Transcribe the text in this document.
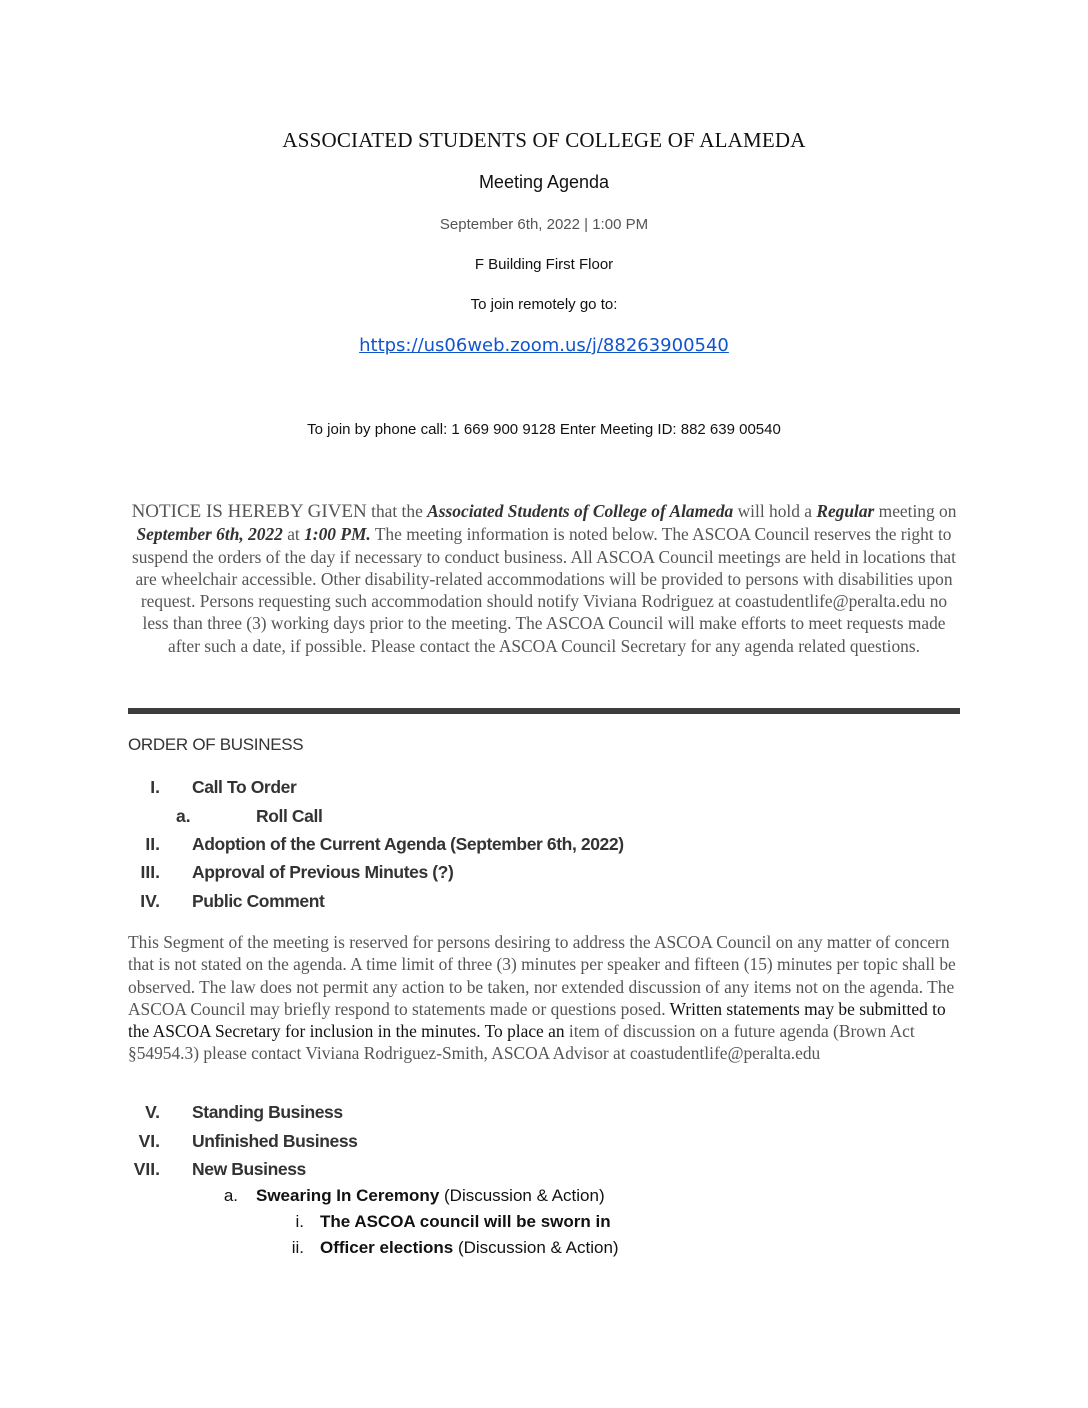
ASSOCIATED STUDENTS OF COLLEGE OF ALAMEDA
Meeting Agenda
September 6th, 2022 | 1:00 PM
F Building First Floor
To join remotely go to:
https://us06web.zoom.us/j/88263900540
To join by phone call: 1 669 900 9128 Enter Meeting ID: 882 639 00540
NOTICE IS HEREBY GIVEN that the Associated Students of College of Alameda will hold a Regular meeting on September 6th, 2022 at 1:00 PM. The meeting information is noted below. The ASCOA Council reserves the right to suspend the orders of the day if necessary to conduct business. All ASCOA Council meetings are held in locations that are wheelchair accessible. Other disability-related accommodations will be provided to persons with disabilities upon request. Persons requesting such accommodation should notify Viviana Rodriguez at coastudentlife@peralta.edu no less than three (3) working days prior to the meeting. The ASCOA Council will make efforts to meet requests made after such a date, if possible. Please contact the ASCOA Council Secretary for any agenda related questions.
ORDER OF BUSINESS
I. Call To Order
a.	Roll Call
II. Adoption of the Current Agenda (September 6th, 2022)
III. Approval of Previous Minutes (?)
IV. Public Comment
This Segment of the meeting is reserved for persons desiring to address the ASCOA Council on any matter of concern that is not stated on the agenda. A time limit of three (3) minutes per speaker and fifteen (15) minutes per topic shall be observed. The law does not permit any action to be taken, nor extended discussion of any items not on the agenda. The ASCOA Council may briefly respond to statements made or questions posed. Written statements may be submitted to the ASCOA Secretary for inclusion in the minutes. To place an item of discussion on a future agenda (Brown Act §54954.3) please contact Viviana Rodriguez-Smith, ASCOA Advisor at coastudentlife@peralta.edu
V. Standing Business
VI. Unfinished Business
VII. New Business
a. Swearing In Ceremony (Discussion & Action)
i. The ASCOA council will be sworn in
ii. Officer elections (Discussion & Action)
